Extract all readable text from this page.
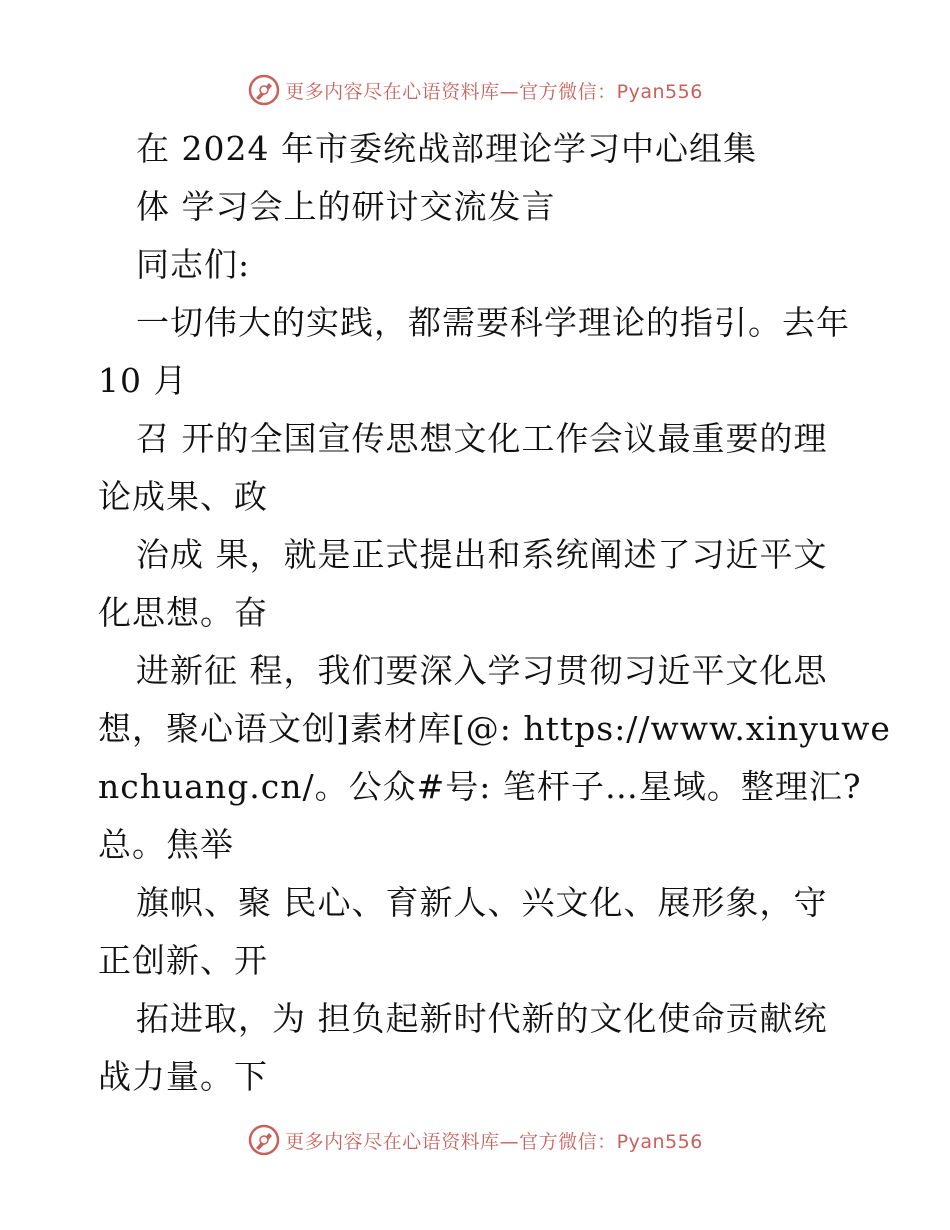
更多内容尽在心语资料库—官方微信：Pyan556
在 2024 年市委统战部理论学习中心组集
体 学习会上的研讨交流发言
同志们:
一切伟大的实践，都需要科学理论的指引。去年
10 月
召 开的全国宣传思想文化工作会议最重要的理
论成果、政
治成 果，就是正式提出和系统阐述了习近平文
化思想。奋
进新征 程，我们要深入学习贯彻习近平文化思
想，聚心语文创]素材库[@: https://www.xinyuwe
nchuang.cn/。公众#号: 笔杆子…星域。整理汇?
总。焦举
旗帜、聚 民心、育新人、兴文化、展形象，守
正创新、开
拓进取，为 担负起新时代新的文化使命贡献统
战力量。下
更多内容尽在心语资料库—官方微信：Pyan556
